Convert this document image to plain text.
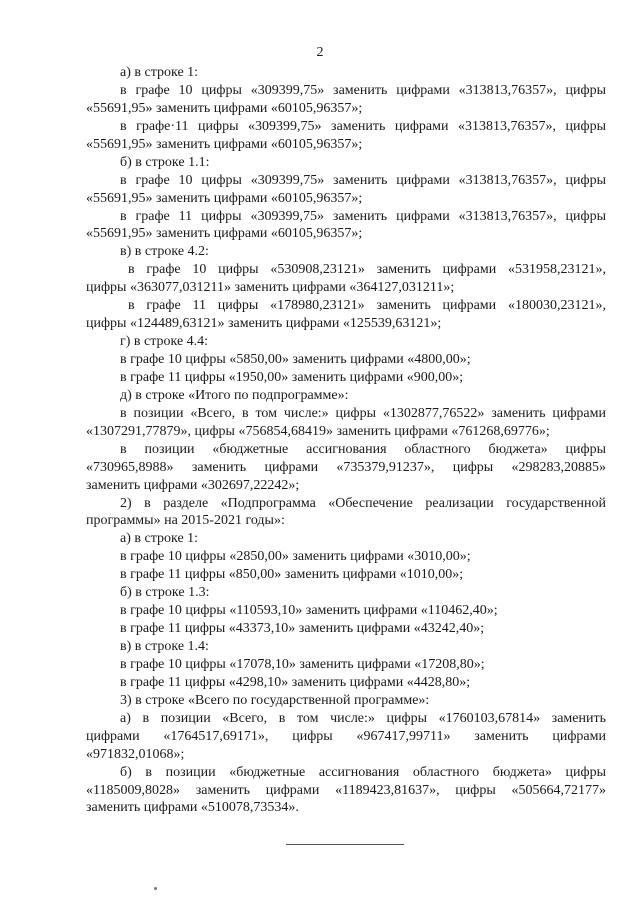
2
а) в строке 1:
в графе 10 цифры «309399,75» заменить цифрами «313813,76357», цифры
«55691,95» заменить цифрами «60105,96357»;
в графе·11 цифры «309399,75» заменить цифрами «313813,76357», цифры
«55691,95» заменить цифрами «60105,96357»;
б) в строке 1.1:
в графе 10 цифры «309399,75» заменить цифрами «313813,76357», цифры
«55691,95» заменить цифрами «60105,96357»;
в графе 11 цифры «309399,75» заменить цифрами «313813,76357», цифры
«55691,95» заменить цифрами «60105,96357»;
в) в строке 4.2:
в графе 10 цифры «530908,23121» заменить цифрами «531958,23121»,
цифры «363077,031211» заменить цифрами «364127,031211»;
в графе 11 цифры «178980,23121» заменить цифрами «180030,23121»,
цифры «124489,63121» заменить цифрами «125539,63121»;
г) в строке 4.4:
в графе 10 цифры «5850,00» заменить цифрами «4800,00»;
в графе 11 цифры «1950,00» заменить цифрами «900,00»;
д) в строке «Итого по подпрограмме»:
в позиции «Всего, в том числе:» цифры «1302877,76522» заменить цифрами
«1307291,77879», цифры «756854,68419» заменить цифрами «761268,69776»;
в позиции «бюджетные ассигнования областного бюджета» цифры
«730965,8988» заменить цифрами «735379,91237», цифры «298283,20885»
заменить цифрами «302697,22242»;
2) в разделе «Подпрограмма «Обеспечение реализации государственной
программы» на 2015-2021 годы»:
а) в строке 1:
в графе 10 цифры «2850,00» заменить цифрами «3010,00»;
в графе 11 цифры «850,00» заменить цифрами «1010,00»;
б) в строке 1.3:
в графе 10 цифры «110593,10» заменить цифрами «110462,40»;
в графе 11 цифры «43373,10» заменить цифрами «43242,40»;
в) в строке 1.4:
в графе 10 цифры «17078,10» заменить цифрами «17208,80»;
в графе 11 цифры «4298,10» заменить цифрами «4428,80»;
3) в строке «Всего по государственной программе»:
а) в позиции «Всего, в том числе:» цифры «1760103,67814» заменить
цифрами «1764517,69171», цифры «967417,99711» заменить цифрами
«971832,01068»;
б) в позиции «бюджетные ассигнования областного бюджета» цифры
«1185009,8028» заменить цифрами «1189423,81637», цифры «505664,72177»
заменить цифрами «510078,73534».
